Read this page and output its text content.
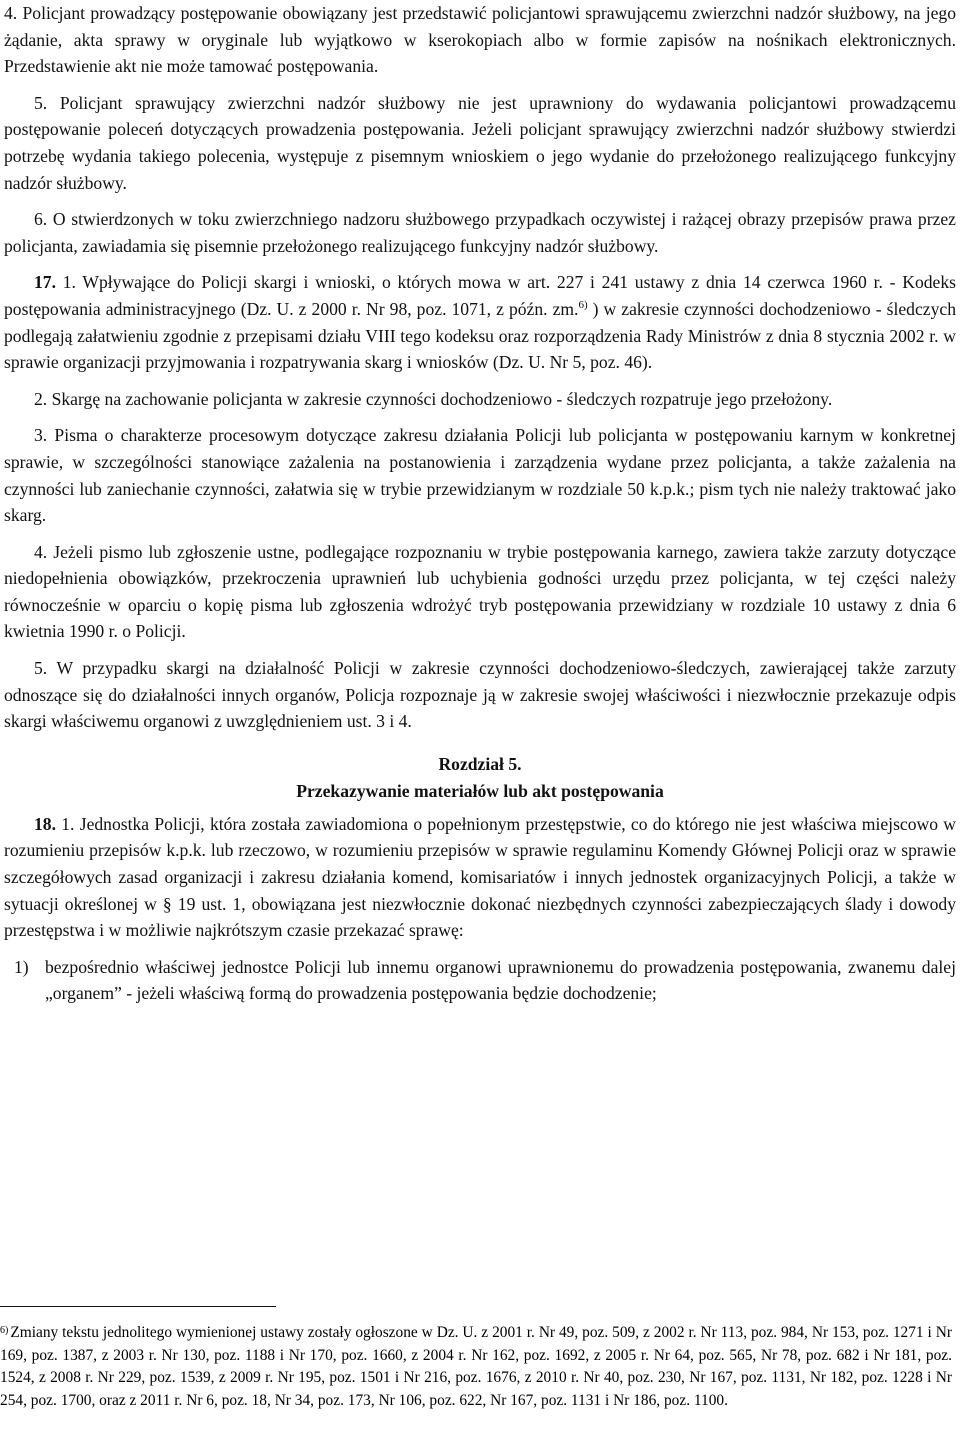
4. Policjant prowadzący postępowanie obowiązany jest przedstawić policjantowi sprawującemu zwierzchni nadzór służbowy, na jego żądanie, akta sprawy w oryginale lub wyjątkowo w kserokopiach albo w formie zapisów na nośnikach elektronicznych. Przedstawienie akt nie może tamować postępowania.

5. Policjant sprawujący zwierzchni nadzór służbowy nie jest uprawniony do wydawania policjantowi prowadzącemu postępowanie poleceń dotyczących prowadzenia postępowania. Jeżeli policjant sprawujący zwierzchni nadzór służbowy stwierdzi potrzebę wydania takiego polecenia, występuje z pisemnym wnioskiem o jego wydanie do przełożonego realizującego funkcyjny nadzór służbowy.

6. O stwierdzonych w toku zwierzchniego nadzoru służbowego przypadkach oczywistej i rażącej obrazy przepisów prawa przez policjanta, zawiadamia się pisemnie przełożonego realizującego funkcyjny nadzór służbowy.

17. 1. Wpływające do Policji skargi i wnioski, o których mowa w art. 227 i 241 ustawy z dnia 14 czerwca 1960 r. - Kodeks postępowania administracyjnego (Dz. U. z 2000 r. Nr 98, poz. 1071, z późn. zm.$^{6)}$ ) w zakresie czynności dochodzeniowo - śledczych podlegają załatwieniu zgodnie z przepisami działu VIII tego kodeksu oraz rozporządzenia Rady Ministrów z dnia 8 stycznia 2002 r. w sprawie organizacji przyjmowania i rozpatrywania skarg i wniosków (Dz. U. Nr 5, poz. 46).

2. Skargę na zachowanie policjanta w zakresie czynności dochodzeniowo - śledczych rozpatruje jego przełożony.

3. Pisma o charakterze procesowym dotyczące zakresu działania Policji lub policjanta w postępowaniu karnym w konkretnej sprawie, w szczególności stanowiące zażalenia na postanowienia i zarządzenia wydane przez policjanta, a także zażalenia na czynności lub zaniechanie czynności, załatwia się w trybie przewidzianym w rozdziale 50 k.p.k.; pism tych nie należy traktować jako skarg.

4. Jeżeli pismo lub zgłoszenie ustne, podlegające rozpoznaniu w trybie postępowania karnego, zawiera także zarzuty dotyczące niedopełnienia obowiązków, przekroczenia uprawnień lub uchybienia godności urzędu przez policjanta, w tej części należy równocześnie w oparciu o kopię pisma lub zgłoszenia wdrożyć tryb postępowania przewidziany w rozdziale 10 ustawy z dnia 6 kwietnia 1990 r. o Policji.

5. W przypadku skargi na działalność Policji w zakresie czynności dochodzeniowo-śledczych, zawierającej także zarzuty odnoszące się do działalności innych organów, Policja rozpoznaje ją w zakresie swojej właściwości i niezwłocznie przekazuje odpis skargi właściwemu organowi z uwzględnieniem ust. 3 i 4.

Rozdział 5.
Przekazywanie materiałów lub akt postępowania

18. 1. Jednostka Policji, która została zawiadomiona o popełnionym przestępstwie, co do którego nie jest właściwa miejscowo w rozumieniu przepisów k.p.k. lub rzeczowo, w rozumieniu przepisów w sprawie regulaminu Komendy Głównej Policji oraz w sprawie szczegółowych zasad organizacji i zakresu działania komend, komisariatów i innych jednostek organizacyjnych Policji, a także w sytuacji określonej w § 19 ust. 1, obowiązana jest niezwłocznie dokonać niezbędnych czynności zabezpieczających ślady i dowody przestępstwa i w możliwie najkrótszym czasie przekazać sprawę:

1) bezpośrednio właściwej jednostce Policji lub innemu organowi uprawnionemu do prowadzenia postępowania, zwanemu dalej „organem” - jeżeli właściwą formą do prowadzenia postępowania będzie dochodzenie;
$^{6)}$ Zmiany tekstu jednolitego wymienionej ustawy zostały ogłoszone w Dz. U. z 2001 r. Nr 49, poz. 509, z 2002 r. Nr 113, poz. 984, Nr 153, poz. 1271 i Nr 169, poz. 1387, z 2003 r. Nr 130, poz. 1188 i Nr 170, poz. 1660, z 2004 r. Nr 162, poz. 1692, z 2005 r. Nr 64, poz. 565, Nr 78, poz. 682 i Nr 181, poz. 1524, z 2008 r. Nr 229, poz. 1539, z 2009 r. Nr 195, poz. 1501 i Nr 216, poz. 1676, z 2010 r. Nr 40, poz. 230, Nr 167, poz. 1131, Nr 182, poz. 1228 i Nr 254, poz. 1700, oraz z 2011 r. Nr 6, poz. 18, Nr 34, poz. 173, Nr 106, poz. 622, Nr 167, poz. 1131 i Nr 186, poz. 1100.
